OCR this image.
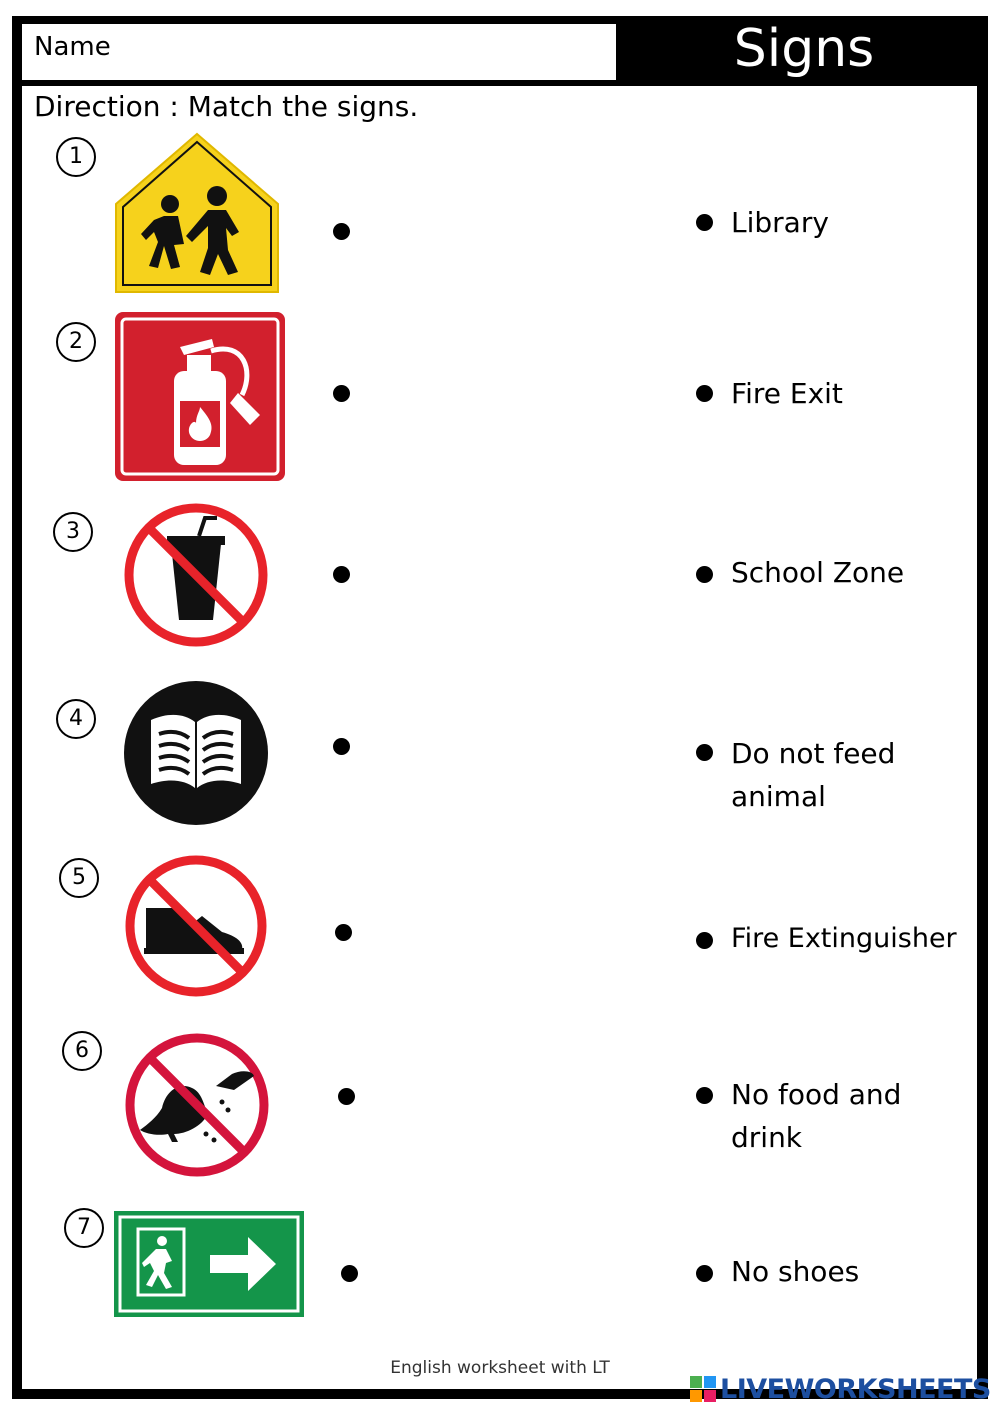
Name	Signs
Direction : Match the signs.
1
2
3
4
5
6
7
Library
Fire Exit
School Zone
Do not feed animal
Fire Extinguisher
No food and drink
No shoes
English worksheet with LT
LIVEWORKSHEETS
